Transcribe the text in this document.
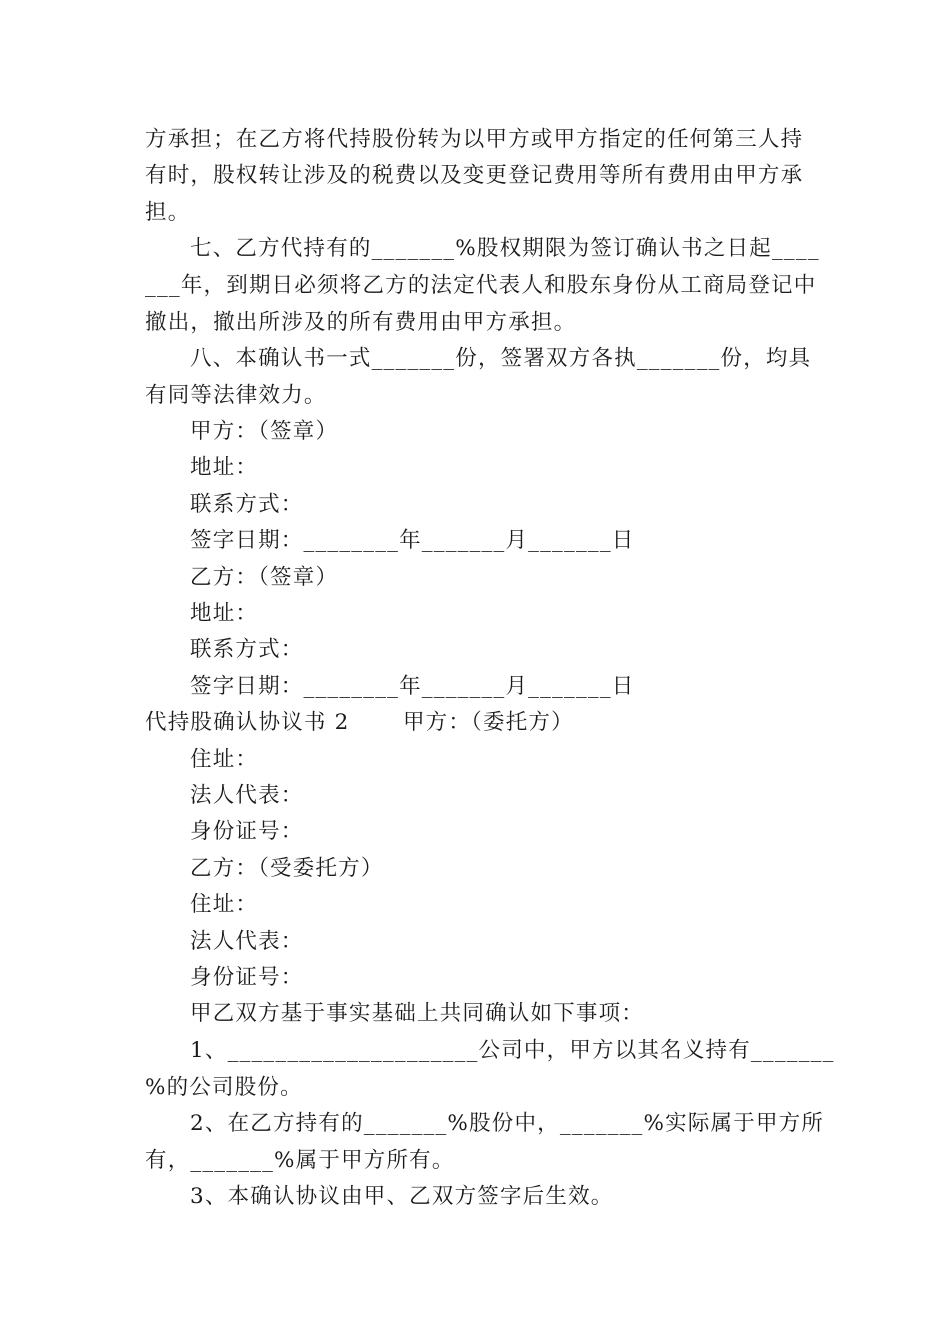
方承担；在乙方将代持股份转为以甲方或甲方指定的任何第三人持
有时，股权转让涉及的税费以及变更登记费用等所有费用由甲方承
担。
七、乙方代持有的_______%股权期限为签订确认书之日起____
___年，到期日必须将乙方的法定代表人和股东身份从工商局登记中
撤出，撤出所涉及的所有费用由甲方承担。
八、本确认书一式_______份，签署双方各执_______份，均具
有同等法律效力。
甲方：（签章）
地址：
联系方式：
签字日期：________年_______月_______日
乙方：（签章）
地址：
联系方式：
签字日期：________年_______月_______日
代持股确认协议书 2　　 甲方：（委托方）
住址：
法人代表：
身份证号：
乙方：（受委托方）
住址：
法人代表：
身份证号：
甲乙双方基于事实基础上共同确认如下事项：
1、_____________________公司中，甲方以其名义持有_______
%的公司股份。
2、在乙方持有的_______%股份中，_______%实际属于甲方所
有，_______%属于甲方所有。
3、本确认协议由甲、乙双方签字后生效。
